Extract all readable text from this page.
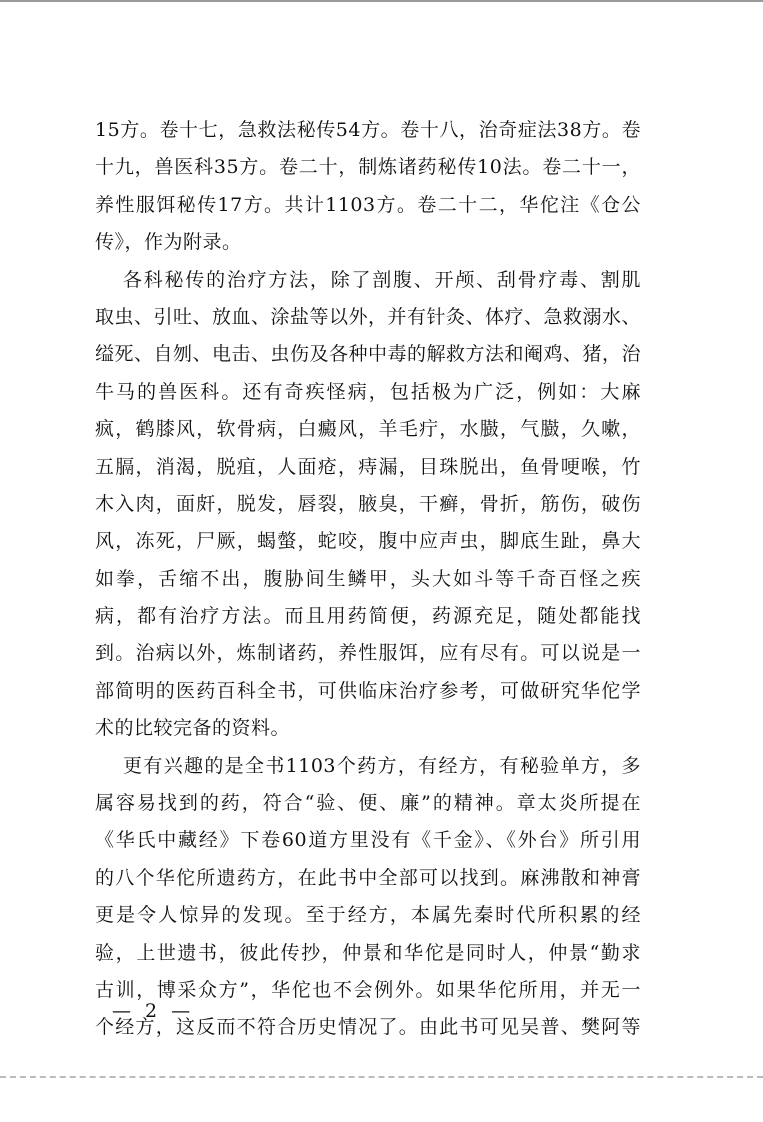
15方。卷十七，急救法秘传54方。卷十八，治奇症法38方。卷
十九，兽医科35方。卷二十，制炼诸药秘传10法。卷二十一，
养性服饵秘传17方。共计1103方。卷二十二，华佗注《仓公
传》，作为附录。
各科秘传的治疗方法，除了剖腹、开颅、刮骨疗毒、割肌
取虫、引吐、放血、涂盐等以外，并有针灸、体疗、急救溺水、
缢死、自刎、电击、虫伤及各种中毒的解救方法和阉鸡、猪，治
牛马的兽医科。还有奇疾怪病，包括极为广泛，例如：大麻
疯，鹤膝风，软骨病，白癜风，羊毛疔，水臌，气臌，久嗽，
五膈，消渴，脱疽，人面疮，痔漏，目珠脱出，鱼骨哽喉，竹
木入肉，面皯，脱发，唇裂，腋臭，干癣，骨折，筋伤，破伤
风，冻死，尸厥，蝎螫，蛇咬，腹中应声虫，脚底生趾，鼻大
如拳，舌缩不出，腹胁间生鳞甲，头大如斗等千奇百怪之疾
病，都有治疗方法。而且用药简便，药源充足，随处都能找
到。治病以外，炼制诸药，养性服饵，应有尽有。可以说是一
部简明的医药百科全书，可供临床治疗参考，可做研究华佗学
术的比较完备的资料。
更有兴趣的是全书1103个药方，有经方，有秘验单方，多
属容易找到的药，符合“验、便、廉”的精神。章太炎所提在
《华氏中藏经》下卷60道方里没有《千金》、《外台》所引用
的八个华佗所遗药方，在此书中全部可以找到。麻沸散和神膏
更是令人惊异的发现。至于经方，本属先秦时代所积累的经
验，上世遗书，彼此传抄，仲景和华佗是同时人，仲景“勤求
古训，博采众方”，华佗也不会例外。如果华佗所用，并无一
个经方，这反而不符合历史情况了。由此书可见吴普、樊阿等
— 2 —
